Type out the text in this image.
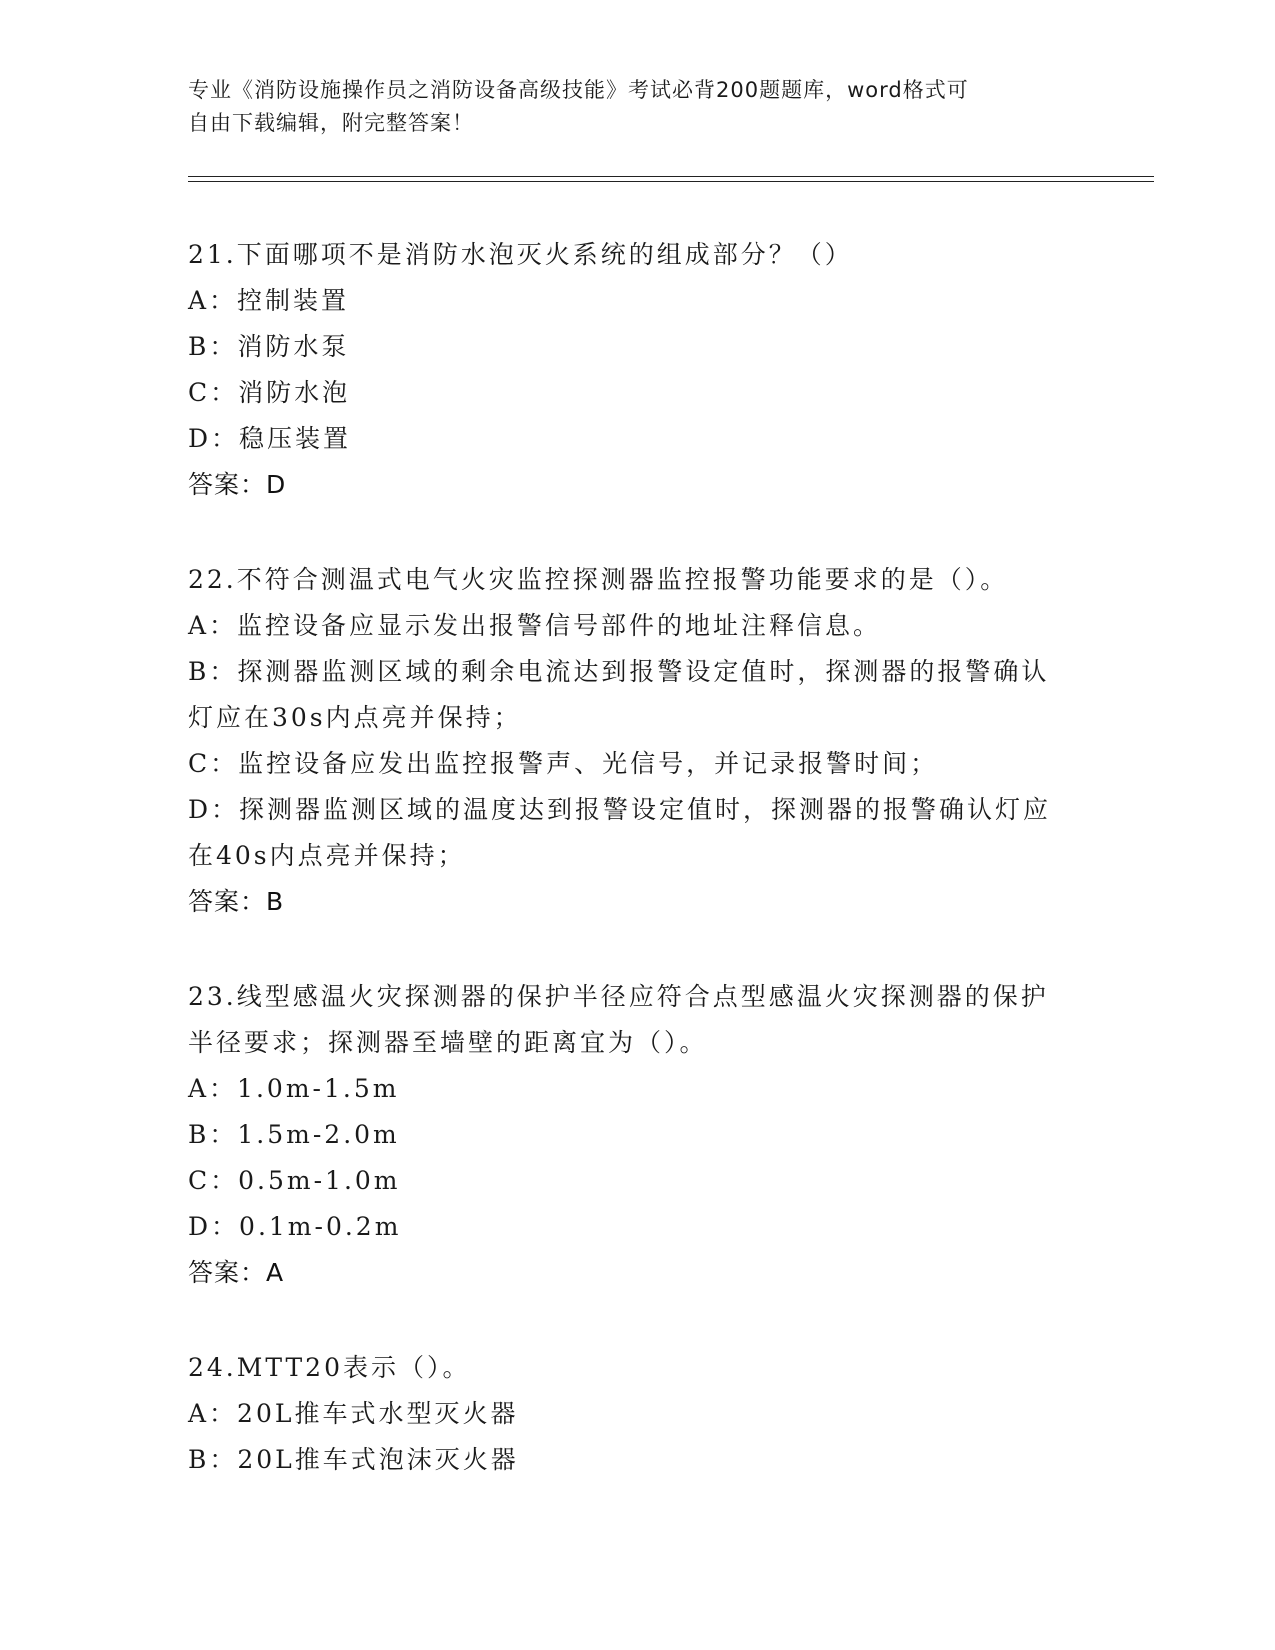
专业《消防设施操作员之消防设备高级技能》考试必背200题题库，word格式可

自由下载编辑，附完整答案！

21.下面哪项不是消防水泡灭火系统的组成部分？（）
A：控制装置
B：消防水泵
C：消防水泡
D：稳压装置
答案：D
22.不符合测温式电气火灾监控探测器监控报警功能要求的是（）。
A：监控设备应显示发出报警信号部件的地址注释信息。
B：探测器监测区域的剩余电流达到报警设定值时，探测器的报警确认
灯应在30s内点亮并保持；
C：监控设备应发出监控报警声、光信号，并记录报警时间；
D：探测器监测区域的温度达到报警设定值时，探测器的报警确认灯应
在40s内点亮并保持；
答案：B
23.线型感温火灾探测器的保护半径应符合点型感温火灾探测器的保护
半径要求；探测器至墙壁的距离宜为（）。
A：1.0m-1.5m
B：1.5m-2.0m
C：0.5m-1.0m
D：0.1m-0.2m
答案：A
24.MTT20表示（）。
A：20L推车式水型灭火器
B：20L推车式泡沫灭火器
